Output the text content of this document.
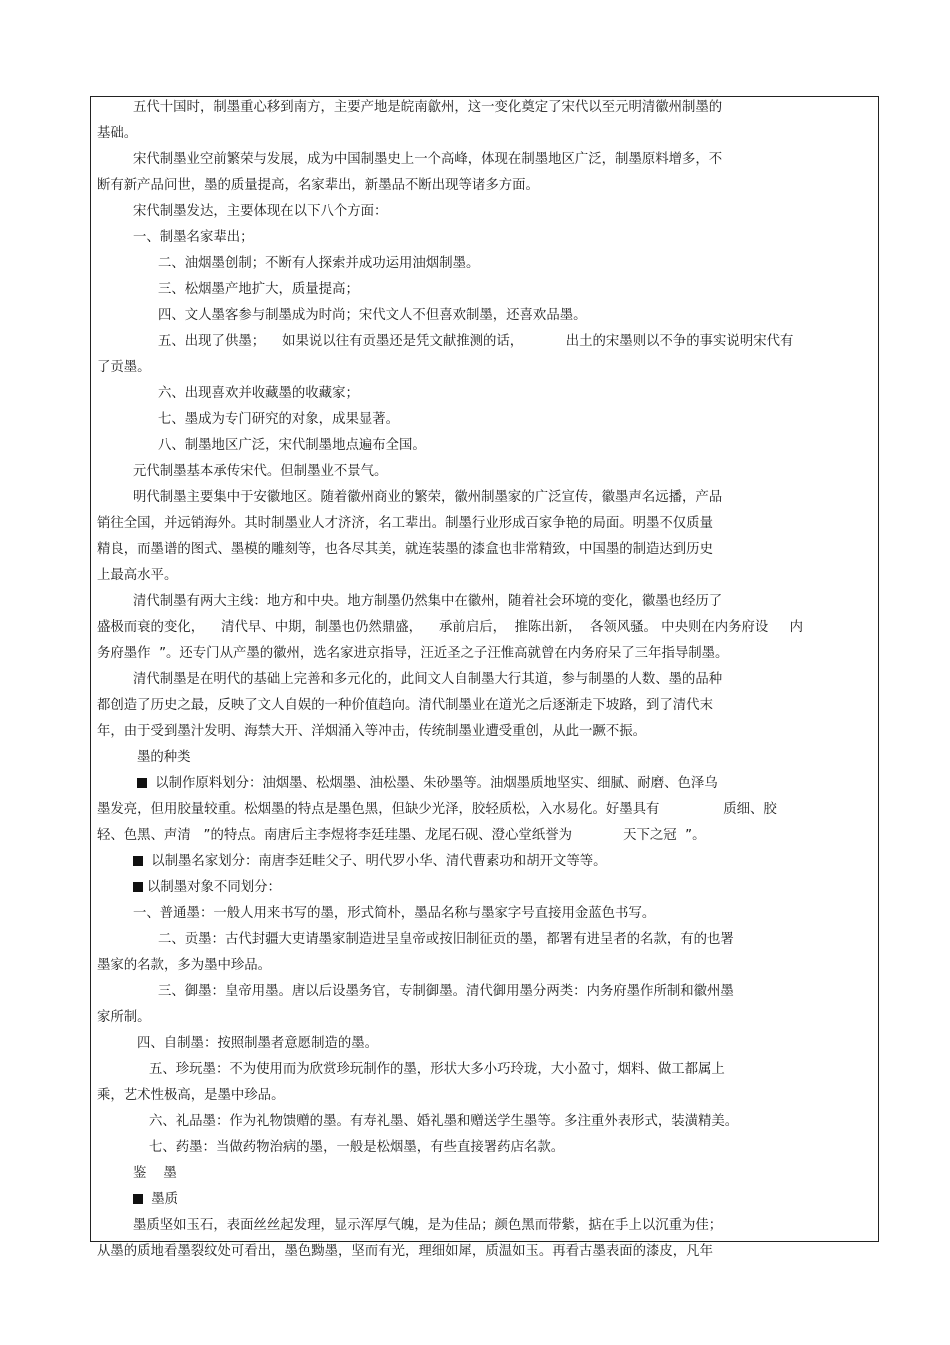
五代十国时，制墨重心移到南方，主要产地是皖南歙州，这一变化奠定了宋代以至元明清徽州制墨的
基础。
宋代制墨业空前繁荣与发展，成为中国制墨史上一个高峰，体现在制墨地区广泛，制墨原料增多，不
断有新产品问世，墨的质量提高，名家辈出，新墨品不断出现等诸多方面。
宋代制墨发达，主要体现在以下八个方面：
一、制墨名家辈出；
二、油烟墨创制；不断有人探索并成功运用油烟制墨。
三、松烟墨产地扩大，质量提高；
四、文人墨客参与制墨成为时尚；宋代文人不但喜欢制墨，还喜欢品墨。
五、出现了供墨；    如果说以往有贡墨还是凭文献推测的话，          出土的宋墨则以不争的事实说明宋代有
了贡墨。
六、出现喜欢并收藏墨的收藏家；
七、墨成为专门研究的对象，成果显著。
八、制墨地区广泛，宋代制墨地点遍布全国。
元代制墨基本承传宋代。但制墨业不景气。
明代制墨主要集中于安徽地区。随着徽州商业的繁荣，徽州制墨家的广泛宣传，徽墨声名远播，产品
销往全国，并远销海外。其时制墨业人才济济，名工辈出。制墨行业形成百家争艳的局面。明墨不仅质量
精良，而墨谱的图式、墨模的雕刻等，也各尽其美，就连装墨的漆盒也非常精致，中国墨的制造达到历史
上最高水平。
清代制墨有两大主线：地方和中央。地方制墨仍然集中在徽州，随着社会环境的变化，徽墨也经历了
盛极而衰的变化，    清代早、中期，制墨也仍然鼎盛，    承前启后，  推陈出新，  各领风骚。 中央则在内务府设     内
务府墨作  ”。还专门从产墨的徽州，选名家进京指导，汪近圣之子汪惟高就曾在内务府呆了三年指导制墨。
清代制墨是在明代的基础上完善和多元化的，此间文人自制墨大行其道，参与制墨的人数、墨的品种
都创造了历史之最，反映了文人自娱的一种价值趋向。清代制墨业在道光之后逐渐走下坡路，到了清代末
年，由于受到墨汁发明、海禁大开、洋烟涌入等冲击，传统制墨业遭受重创，从此一蹶不振。
墨的种类
以制作原料划分：油烟墨、松烟墨、油松墨、朱砂墨等。油烟墨质地坚实、细腻、耐磨、色泽乌
墨发亮，但用胶量较重。松烟墨的特点是墨色黑，但缺少光泽，胶轻质松，入水易化。好墨具有               质细、胶
轻、色黑、声清   ”的特点。南唐后主李煜将李廷珪墨、龙尾石砚、澄心堂纸誉为            天下之冠  ”。
以制墨名家划分：南唐李廷畦父子、明代罗小华、清代曹素功和胡开文等等。
以制墨对象不同划分：
一、普通墨：一般人用来书写的墨，形式简朴，墨品名称与墨家字号直接用金蓝色书写。
二、贡墨：古代封疆大吏请墨家制造进呈皇帝或按旧制征贡的墨，都署有进呈者的名款，有的也署
墨家的名款，多为墨中珍品。
三、御墨：皇帝用墨。唐以后设墨务官，专制御墨。清代御用墨分两类：内务府墨作所制和徽州墨
家所制。
四、自制墨：按照制墨者意愿制造的墨。
五、珍玩墨：不为使用而为欣赏珍玩制作的墨，形状大多小巧玲珑，大小盈寸，烟料、做工都属上
乘，艺术性极高，是墨中珍品。
六、礼品墨：作为礼物馈赠的墨。有寿礼墨、婚礼墨和赠送学生墨等。多注重外表形式，装潢精美。
七、药墨：当做药物治病的墨，一般是松烟墨，有些直接署药店名款。
鉴    墨
墨质
墨质坚如玉石，表面丝丝起发理，显示浑厚气魄，是为佳品；颜色黑而带紫，掂在手上以沉重为佳；
从墨的质地看墨裂纹处可看出，墨色黝墨，坚而有光，理细如犀，质温如玉。再看古墨表面的漆皮，凡年
